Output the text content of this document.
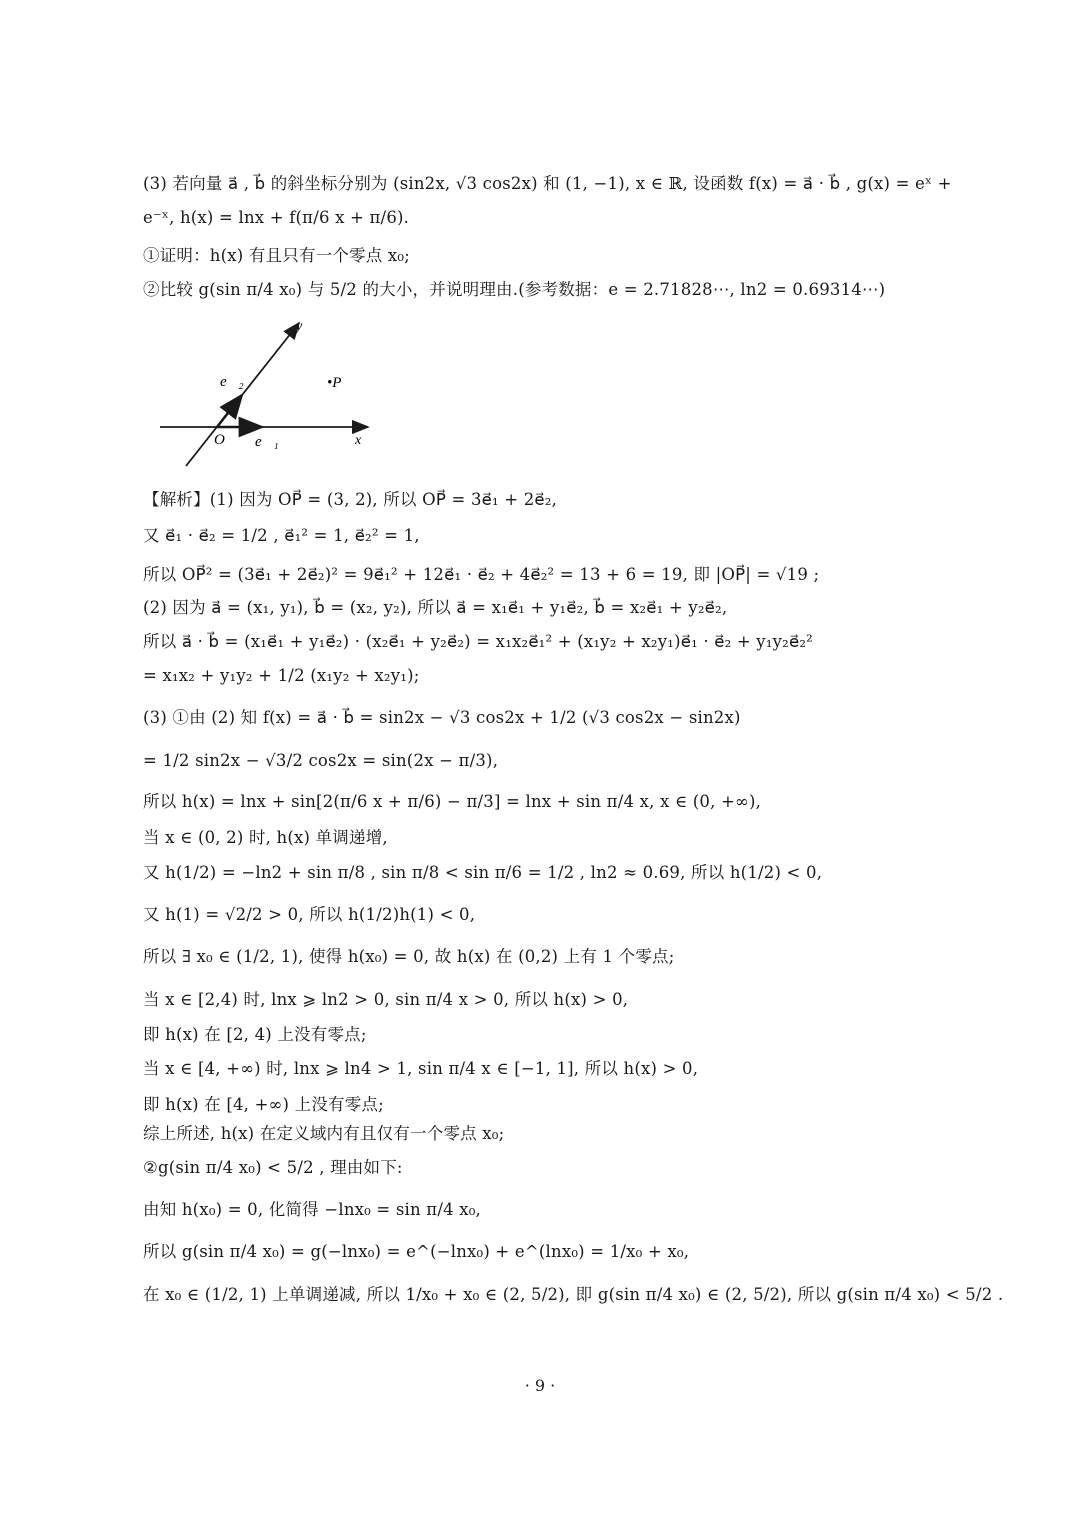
(3) 若向量 a⃗ , b⃗ 的斜坐标分别为 (sin2x, √3 cos2x) 和 (1, −1), x ∈ ℝ, 设函数 f(x) = a⃗ · b⃗ , g(x) = eˣ +
e⁻ˣ, h(x) = lnx + f(π/6 x + π/6).
①证明：h(x) 有且只有一个零点 x₀;
②比较 g(sin π/4 x₀) 与 5/2 的大小，并说明理由.(参考数据：e = 2.71828⋯, ln2 = 0.69314⋯)
x
y
O e⃗₁
e⃗₂	•P
【解析】(1) 因为 OP⃗ = (3, 2), 所以 OP⃗ = 3e⃗₁ + 2e⃗₂,
又 e⃗₁ · e⃗₂ = 1/2 , e⃗₁² = 1, e⃗₂² = 1,
所以 OP⃗² = (3e⃗₁ + 2e⃗₂)² = 9e⃗₁² + 12e⃗₁ · e⃗₂ + 4e⃗₂² = 13 + 6 = 19, 即 |OP⃗| = √19 ;
(2) 因为 a⃗ = (x₁, y₁), b⃗ = (x₂, y₂), 所以 a⃗ = x₁e⃗₁ + y₁e⃗₂, b⃗ = x₂e⃗₁ + y₂e⃗₂,
所以 a⃗ · b⃗ = (x₁e⃗₁ + y₁e⃗₂) · (x₂e⃗₁ + y₂e⃗₂) = x₁x₂e⃗₁² + (x₁y₂ + x₂y₁)e⃗₁ · e⃗₂ + y₁y₂e⃗₂²
= x₁x₂ + y₁y₂ + 1/2 (x₁y₂ + x₂y₁);
(3) ①由 (2) 知 f(x) = a⃗ · b⃗ = sin2x − √3 cos2x + 1/2 (√3 cos2x − sin2x)
= 1/2 sin2x − √3/2 cos2x = sin(2x − π/3),
所以 h(x) = lnx + sin[2(π/6 x + π/6) − π/3] = lnx + sin π/4 x, x ∈ (0, +∞),
当 x ∈ (0, 2) 时, h(x) 单调递增,
又 h(1/2) = −ln2 + sin π/8 , sin π/8 < sin π/6 = 1/2 , ln2 ≈ 0.69, 所以 h(1/2) < 0,
又 h(1) = √2/2 > 0, 所以 h(1/2)h(1) < 0,
所以 ∃ x₀ ∈ (1/2, 1), 使得 h(x₀) = 0, 故 h(x) 在 (0,2) 上有 1 个零点;
当 x ∈ [2,4) 时, lnx ⩾ ln2 > 0, sin π/4 x > 0, 所以 h(x) > 0,
即 h(x) 在 [2, 4) 上没有零点;
当 x ∈ [4, +∞) 时, lnx ⩾ ln4 > 1, sin π/4 x ∈ [−1, 1], 所以 h(x) > 0,
即 h(x) 在 [4, +∞) 上没有零点;
综上所述, h(x) 在定义域内有且仅有一个零点 x₀;
②g(sin π/4 x₀) < 5/2 , 理由如下:
由知 h(x₀) = 0, 化简得 −lnx₀ = sin π/4 x₀,
所以 g(sin π/4 x₀) = g(−lnx₀) = e^(−lnx₀) + e^(lnx₀) = 1/x₀ + x₀,
在 x₀ ∈ (1/2, 1) 上单调递减, 所以 1/x₀ + x₀ ∈ (2, 5/2), 即 g(sin π/4 x₀) ∈ (2, 5/2), 所以 g(sin π/4 x₀) < 5/2 .
· 9 ·
